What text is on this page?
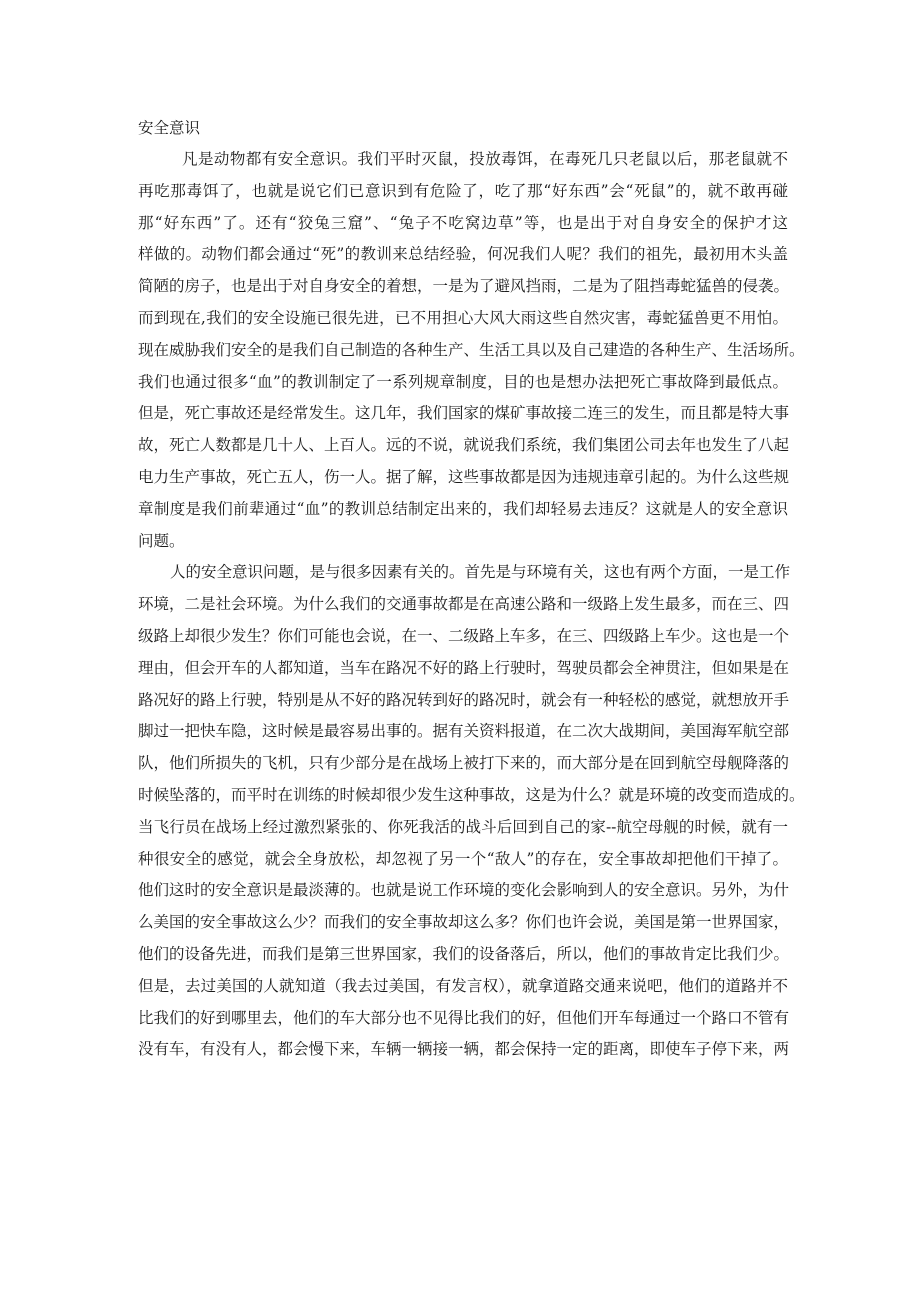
安全意识
凡是动物都有安全意识。我们平时灭鼠，投放毒饵，在毒死几只老鼠以后，那老鼠就不
再吃那毒饵了，也就是说它们已意识到有危险了，吃了那“好东西”会“死鼠”的，就不敢再碰
那“好东西”了。还有“狡兔三窟”、“兔子不吃窝边草”等，也是出于对自身安全的保护才这
样做的。动物们都会通过“死”的教训来总结经验，何况我们人呢？我们的祖先，最初用木头盖
简陋的房子，也是出于对自身安全的着想，一是为了避风挡雨，二是为了阻挡毒蛇猛兽的侵袭。
而到现在,我们的安全设施已很先进，已不用担心大风大雨这些自然灾害，毒蛇猛兽更不用怕。
现在威胁我们安全的是我们自己制造的各种生产、生活工具以及自己建造的各种生产、生活场所。
我们也通过很多“血”的教训制定了一系列规章制度，目的也是想办法把死亡事故降到最低点。
但是，死亡事故还是经常发生。这几年，我们国家的煤矿事故接二连三的发生，而且都是特大事
故，死亡人数都是几十人、上百人。远的不说，就说我们系统，我们集团公司去年也发生了八起
电力生产事故，死亡五人，伤一人。据了解，这些事故都是因为违规违章引起的。为什么这些规
章制度是我们前辈通过“血”的教训总结制定出来的，我们却轻易去违反？这就是人的安全意识
问题。
人的安全意识问题，是与很多因素有关的。首先是与环境有关，这也有两个方面，一是工作
环境，二是社会环境。为什么我们的交通事故都是在高速公路和一级路上发生最多，而在三、四
级路上却很少发生？你们可能也会说，在一、二级路上车多，在三、四级路上车少。这也是一个
理由，但会开车的人都知道，当车在路况不好的路上行驶时，驾驶员都会全神贯注，但如果是在
路况好的路上行驶，特别是从不好的路况转到好的路况时，就会有一种轻松的感觉，就想放开手
脚过一把快车隐，这时候是最容易出事的。据有关资料报道，在二次大战期间，美国海军航空部
队，他们所损失的飞机，只有少部分是在战场上被打下来的，而大部分是在回到航空母舰降落的
时候坠落的，而平时在训练的时候却很少发生这种事故，这是为什么？就是环境的改变而造成的。
当飞行员在战场上经过激烈紧张的、你死我活的战斗后回到自己的家--航空母舰的时候，就有一
种很安全的感觉，就会全身放松，却忽视了另一个“敌人”的存在，安全事故却把他们干掉了。
他们这时的安全意识是最淡薄的。也就是说工作环境的变化会影响到人的安全意识。另外，为什
么美国的安全事故这么少？而我们的安全事故却这么多？你们也许会说，美国是第一世界国家，
他们的设备先进，而我们是第三世界国家，我们的设备落后，所以，他们的事故肯定比我们少。
但是，去过美国的人就知道（我去过美国，有发言权），就拿道路交通来说吧，他们的道路并不
比我们的好到哪里去，他们的车大部分也不见得比我们的好，但他们开车每通过一个路口不管有
没有车，有没有人，都会慢下来，车辆一辆接一辆，都会保持一定的距离，即使车子停下来，两
